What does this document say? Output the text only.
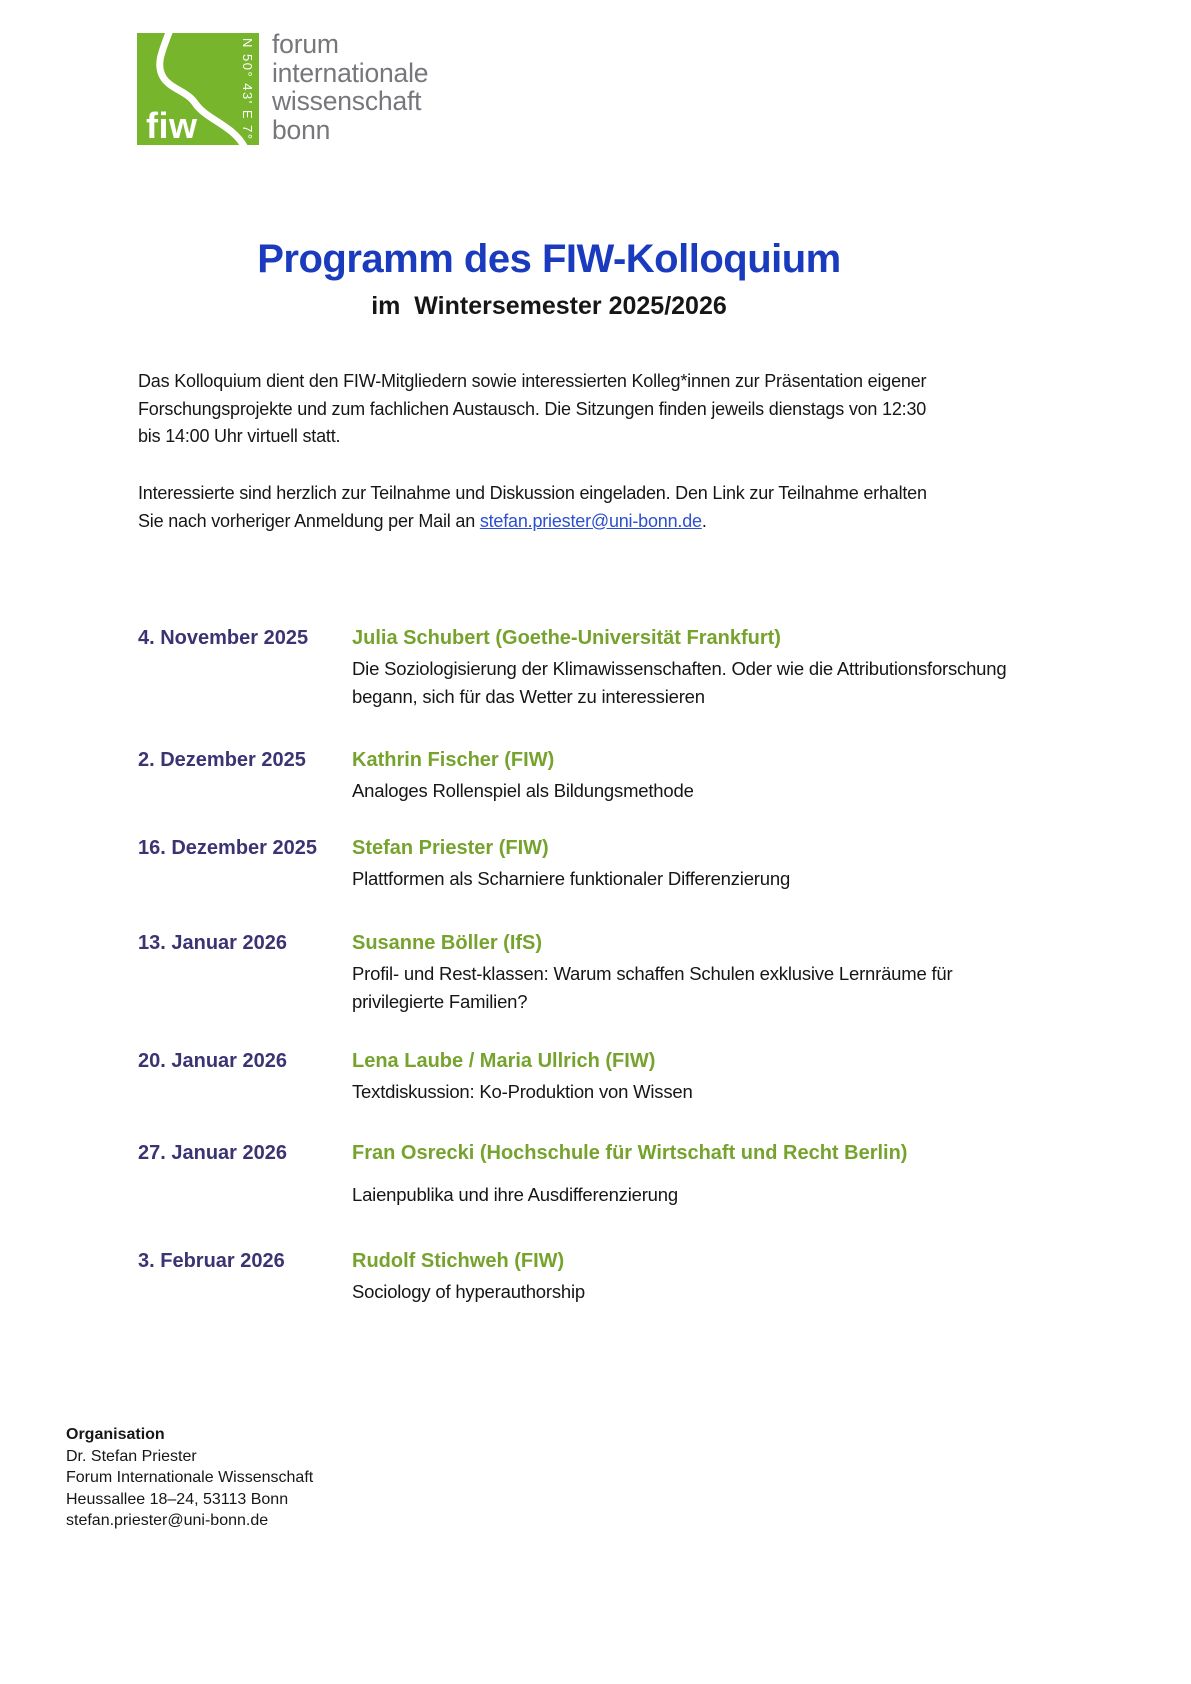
N 50° 43' E 7° 7'
fiw
forum
internationale
wissenschaft
bonn
Programm des FIW-Kolloquium
im  Wintersemester 2025/2026
Das Kolloquium dient den FIW-Mitgliedern sowie interessierten Kolleg*innen zur Präsentation eigener
Forschungsprojekte und zum fachlichen Austausch. Die Sitzungen finden jeweils dienstags von 12:30
bis 14:00 Uhr virtuell statt.
Interessierte sind herzlich zur Teilnahme und Diskussion eingeladen. Den Link zur Teilnahme erhalten
Sie nach vorheriger Anmeldung per Mail an stefan.priester@uni-bonn.de.
4. November 2025	Julia Schubert (Goethe-Universität Frankfurt)
Die Soziologisierung der Klimawissenschaften. Oder wie die Attributionsforschung
begann, sich für das Wetter zu interessieren
2. Dezember 2025	Kathrin Fischer (FIW)
Analoges Rollenspiel als Bildungsmethode
16. Dezember 2025	Stefan Priester (FIW)
Plattformen als Scharniere funktionaler Differenzierung
13. Januar 2026	Susanne Böller (IfS)
Profil- und Rest-klassen: Warum schaffen Schulen exklusive Lernräume für
privilegierte Familien?
20. Januar 2026	Lena Laube / Maria Ullrich (FIW)
Textdiskussion: Ko-Produktion von Wissen
27. Januar 2026	Fran Osrecki (Hochschule für Wirtschaft und Recht Berlin)
Laienpublika und ihre Ausdifferenzierung
3. Februar 2026	Rudolf Stichweh (FIW)
Sociology of hyperauthorship
Organisation
Dr. Stefan Priester
Forum Internationale Wissenschaft
Heussallee 18–24, 53113 Bonn
stefan.priester@uni-bonn.de
